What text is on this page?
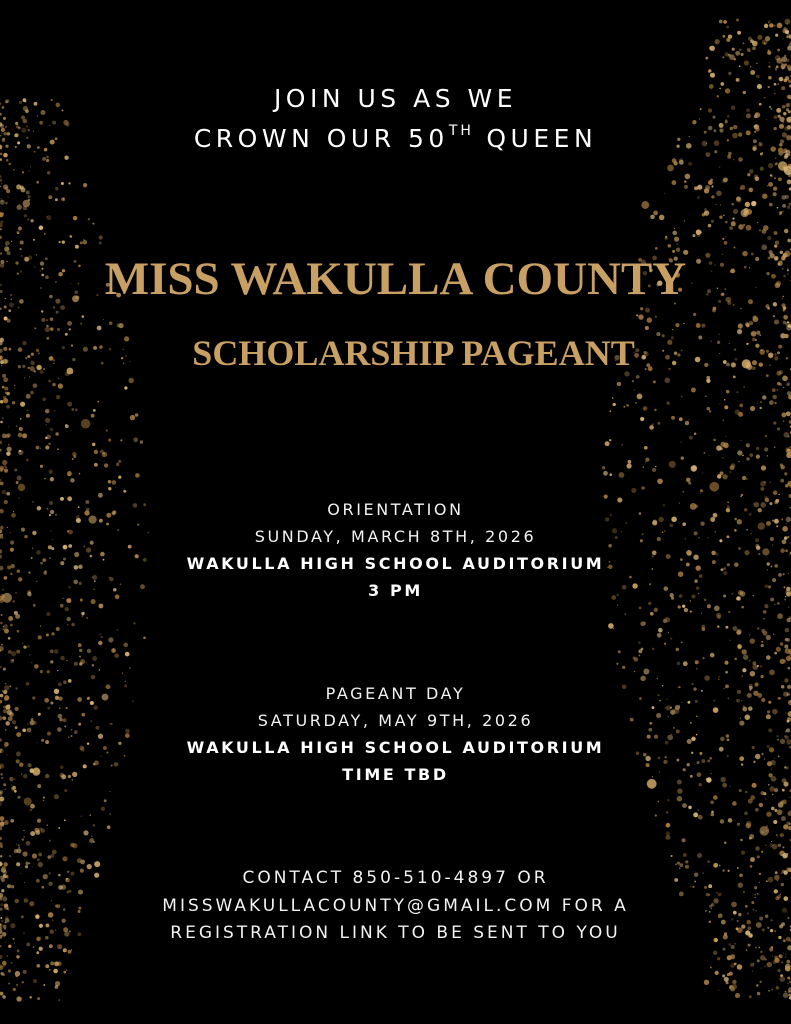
JOIN US AS WE
CROWN OUR 50TH QUEEN
MISS WAKULLA COUNTY
SCHOLARSHIP PAGEANT
ORIENTATION
SUNDAY, MARCH 8TH, 2026
WAKULLA HIGH SCHOOL AUDITORIUM
3 PM
PAGEANT DAY
SATURDAY, MAY 9TH, 2026
WAKULLA HIGH SCHOOL AUDITORIUM
TIME TBD
CONTACT 850-510-4897 OR
MISSWAKULLACOUNTY@GMAIL.COM FOR A
REGISTRATION LINK TO BE SENT TO YOU
